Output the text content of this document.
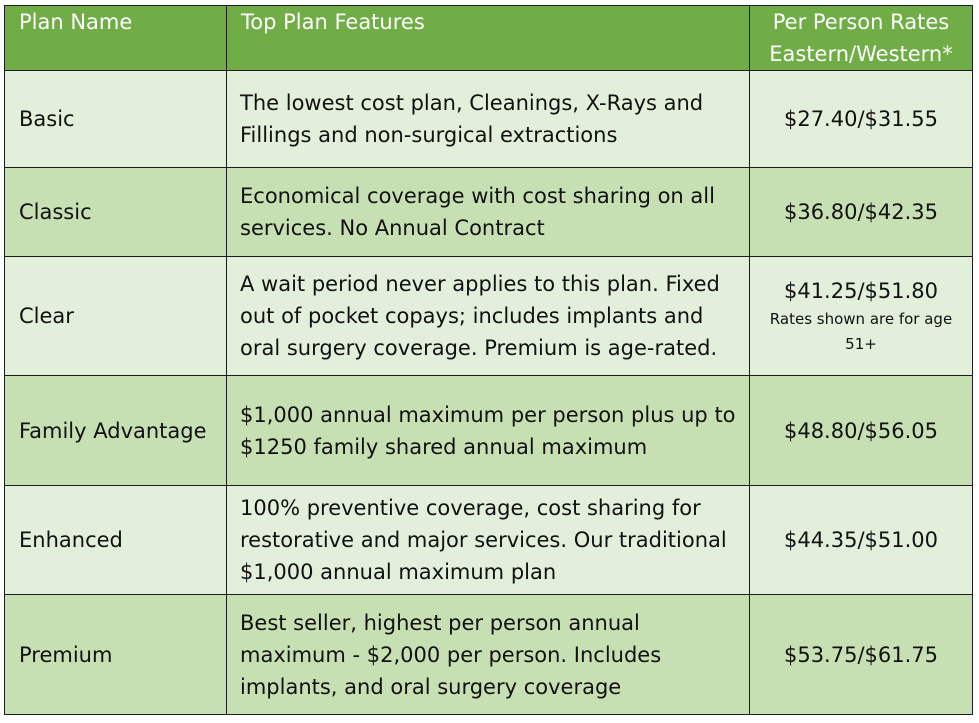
Plan Name	Top Plan Features	Per Person Rates
Eastern/Western*

Basic	The lowest cost plan, Cleanings, X-Rays and Fillings and non-surgical extractions	$27.40/$31.55

Classic	Economical coverage with cost sharing on all services. No Annual Contract	$36.80/$42.35

Clear	A wait period never applies to this plan. Fixed out of pocket copays; includes implants and oral surgery coverage. Premium is age-rated.	$41.25/$51.80
Rates shown are for age 51+

Family Advantage	$1,000 annual maximum per person plus up to $1250 family shared annual maximum	$48.80/$56.05

Enhanced	100% preventive coverage, cost sharing for restorative and major services. Our traditional $1,000 annual maximum plan	$44.35/$51.00

Premium	Best seller, highest per person annual maximum - $2,000 per person. Includes implants, and oral surgery coverage	$53.75/$61.75
